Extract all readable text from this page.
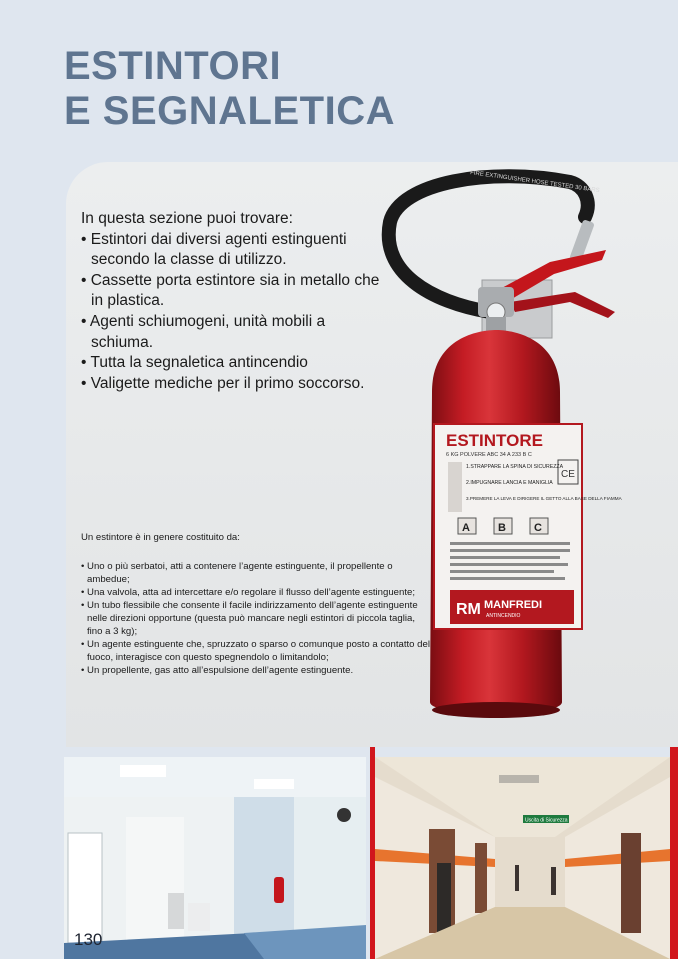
ESTINTORI
E SEGNALETICA
In questa sezione puoi trovare:
• Estintori dai diversi agenti estinguenti secondo la classe di utilizzo.
• Cassette porta estintore sia in metallo che in plastica.
• Agenti schiumogeni, unità mobili a schiuma.
• Tutta la segnaletica antincendio
• Valigette mediche per il primo soccorso.

Un estintore è in genere costituito da:

• Uno o più serbatoi, atti a contenere l’agente estinguente, il propellente o ambedue;
• Una valvola, atta ad intercettare e/o regolare il flusso dell’agente estinguente;
• Un tubo flessibile che consente il facile indirizzamento dell’agente estinguente nelle direzioni opportune (questa può mancare negli estintori di piccola taglia, fino a 3 kg);
• Un agente estinguente che, spruzzato o sparso o comunque posto a contatto del fuoco, interagisce con questo spegnendolo o limitandolo;
• Un propellente, gas atto all’espulsione dell’agente estinguente.
FIRE EXTINGUISHER HOSE TESTED 30 BARS
ESTINTORE
6 KG POLVERE ABC 34 A 233 B C
1.STRAPPARE LA SPINA DI SICUREZZA
2.IMPUGNARE LANCIA E MANIGLIA
3.PREMERE LA LEVA E DIRIGERE IL GETTO ALLA BASE DELLA FIAMMA
CE
A	B	C
RM MANFREDI
ANTINCENDIO
POWDER
Uscita di Sicurezza
130
